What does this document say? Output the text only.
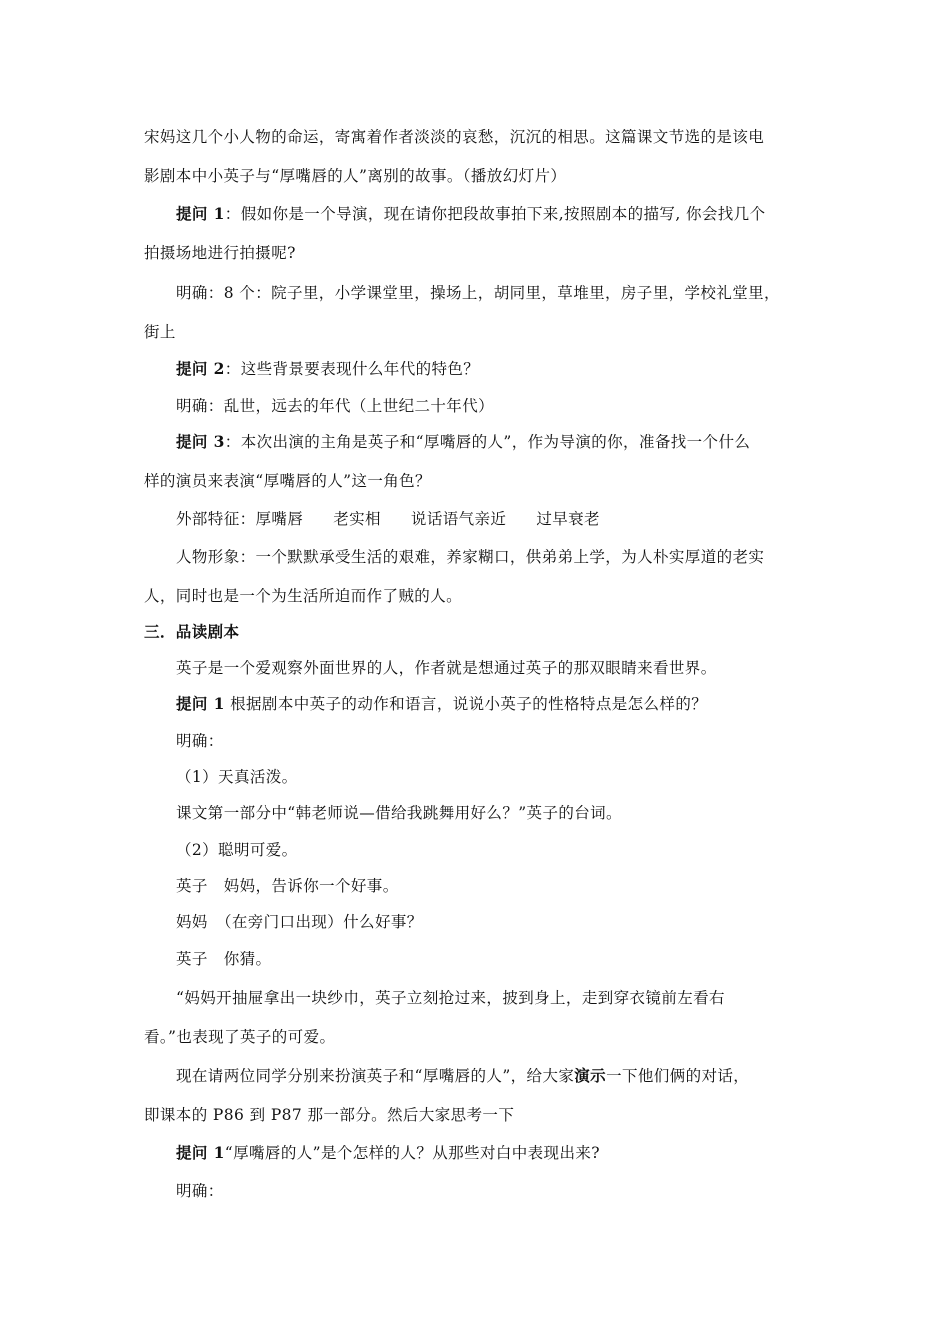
宋妈这几个小人物的命运，寄寓着作者淡淡的哀愁，沉沉的相思。这篇课文节选的是该电
影剧本中小英子与“厚嘴唇的人”离别的故事。（播放幻灯片）
提问 1：假如你是一个导演，现在请你把段故事拍下来,按照剧本的描写, 你会找几个
拍摄场地进行拍摄呢?
明确：8 个：院子里，小学课堂里，操场上，胡同里，草堆里，房子里，学校礼堂里，
街上
提问 2：这些背景要表现什么年代的特色？
明确：乱世，远去的年代（上世纪二十年代）
提问 3：本次出演的主角是英子和“厚嘴唇的人”，作为导演的你，准备找一个什么
样的演员来表演“厚嘴唇的人”这一角色？
外部特征：厚嘴唇 老实相 说话语气亲近 过早衰老
人物形象：一个默默承受生活的艰难，养家糊口，供弟弟上学，为人朴实厚道的老实
人，同时也是一个为生活所迫而作了贼的人。
三．品读剧本
英子是一个爱观察外面世界的人，作者就是想通过英子的那双眼睛来看世界。
提问 1 根据剧本中英子的动作和语言，说说小英子的性格特点是怎么样的？
明确：
（1）天真活泼。
课文第一部分中“韩老师说—借给我跳舞用好么？”英子的台词。
（2）聪明可爱。
英子　妈妈，告诉你一个好事。
妈妈　（在旁门口出现）什么好事？
英子　你猜。
“妈妈开抽屉拿出一块纱巾，英子立刻抢过来，披到身上，走到穿衣镜前左看右
看。”也表现了英子的可爱。
现在请两位同学分别来扮演英子和“厚嘴唇的人”，给大家演示一下他们俩的对话，
即课本的 P86 到 P87 那一部分。然后大家思考一下
提问 1“厚嘴唇的人”是个怎样的人？从那些对白中表现出来?
明确：
